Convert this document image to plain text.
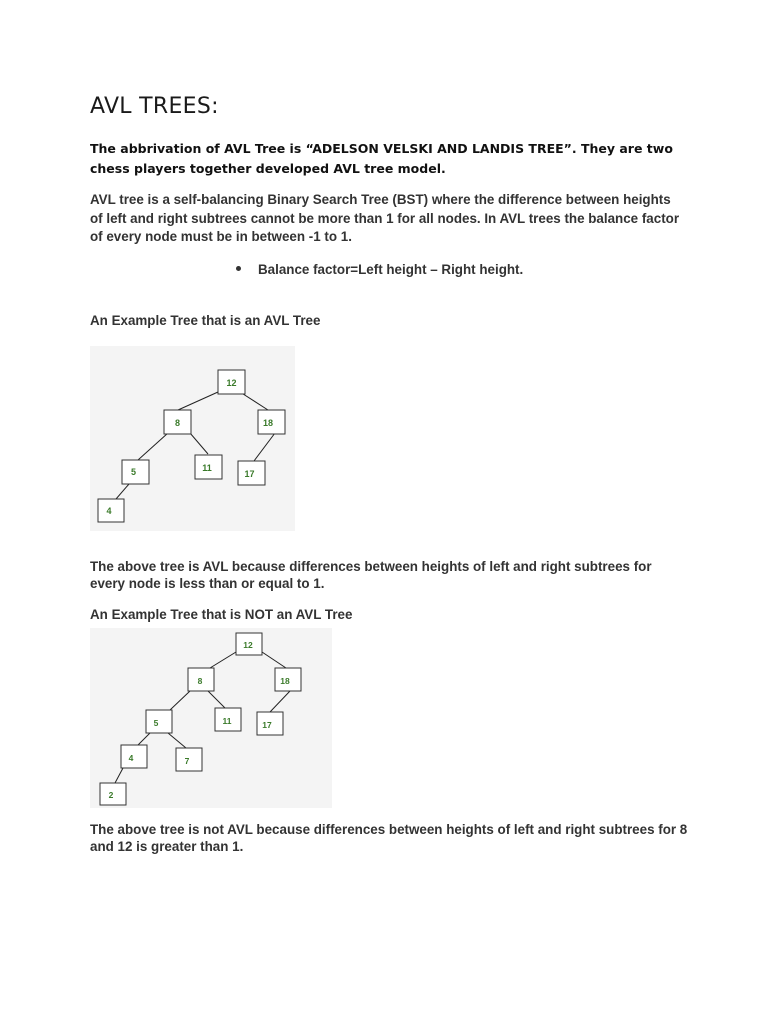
AVL TREES:

The abbrivation of AVL Tree is “ADELSON VELSKI AND LANDIS TREE”. They are two chess players together developed AVL tree model.

AVL tree is a self-balancing Binary Search Tree (BST) where the difference between heights of left and right subtrees cannot be more than 1 for all nodes. In AVL trees the balance factor of every node must be in between -1 to 1.

Balance factor=Left height – Right height.

An Example Tree that is an AVL Tree

12
8	18
5	11
17
4

The above tree is AVL because differences between heights of left and right subtrees for every node is less than or equal to 1.

An Example Tree that is NOT an AVL Tree

12
8	18
5	11	17
4	7
2

The above tree is not AVL because differences between heights of left and right subtrees for 8 and 12 is greater than 1.
